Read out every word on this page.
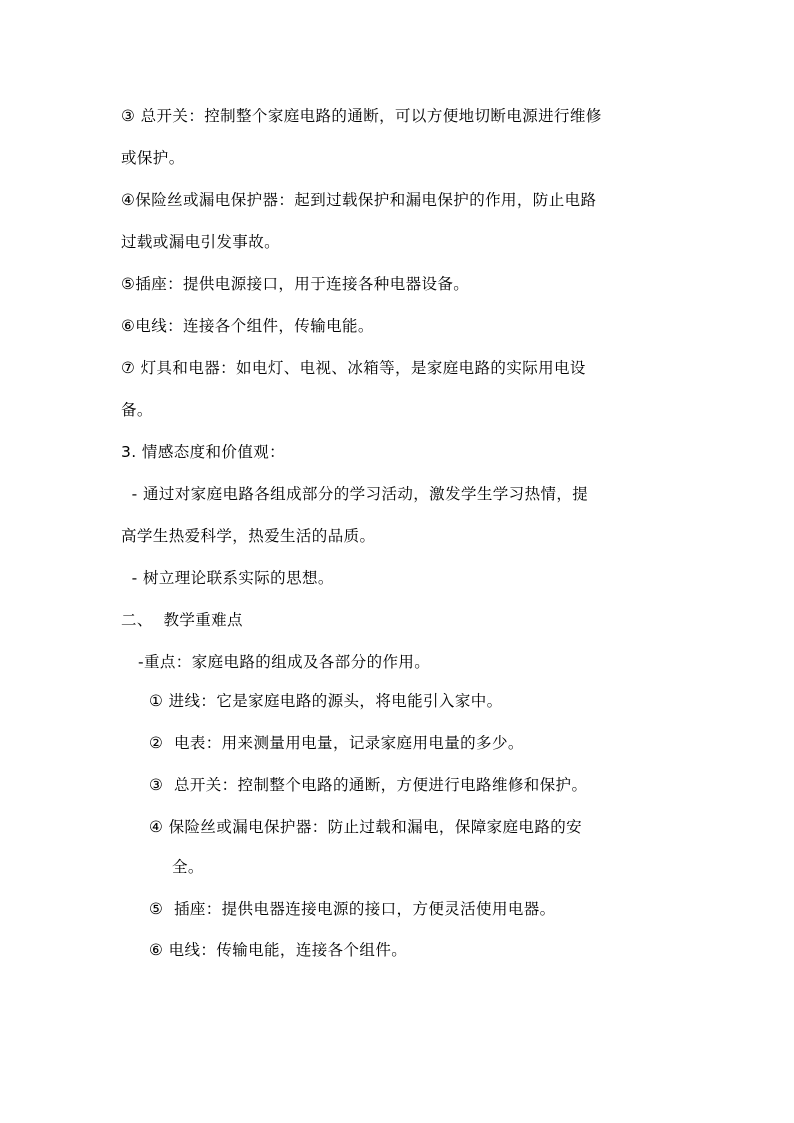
③ 总开关：控制整个家庭电路的通断，可以方便地切断电源进行维修
或保护。
④保险丝或漏电保护器：起到过载保护和漏电保护的作用，防止电路
过载或漏电引发事故。
⑤插座：提供电源接口，用于连接各种电器设备。
⑥电线：连接各个组件，传输电能。
⑦ 灯具和电器：如电灯、电视、冰箱等，是家庭电路的实际用电设
备。
3. 情感态度和价值观：
- 通过对家庭电路各组成部分的学习活动，激发学生学习热情，提
高学生热爱科学，热爱生活的品质。
- 树立理论联系实际的思想。
二、  教学重难点
-重点：家庭电路的组成及各部分的作用。
① 进线：它是家庭电路的源头，将电能引入家中。
②  电表：用来测量用电量，记录家庭用电量的多少。
③  总开关：控制整个电路的通断，方便进行电路维修和保护。
④ 保险丝或漏电保护器：防止过载和漏电，保障家庭电路的安
全。
⑤  插座：提供电器连接电源的接口，方便灵活使用电器。
⑥ 电线：传输电能，连接各个组件。
